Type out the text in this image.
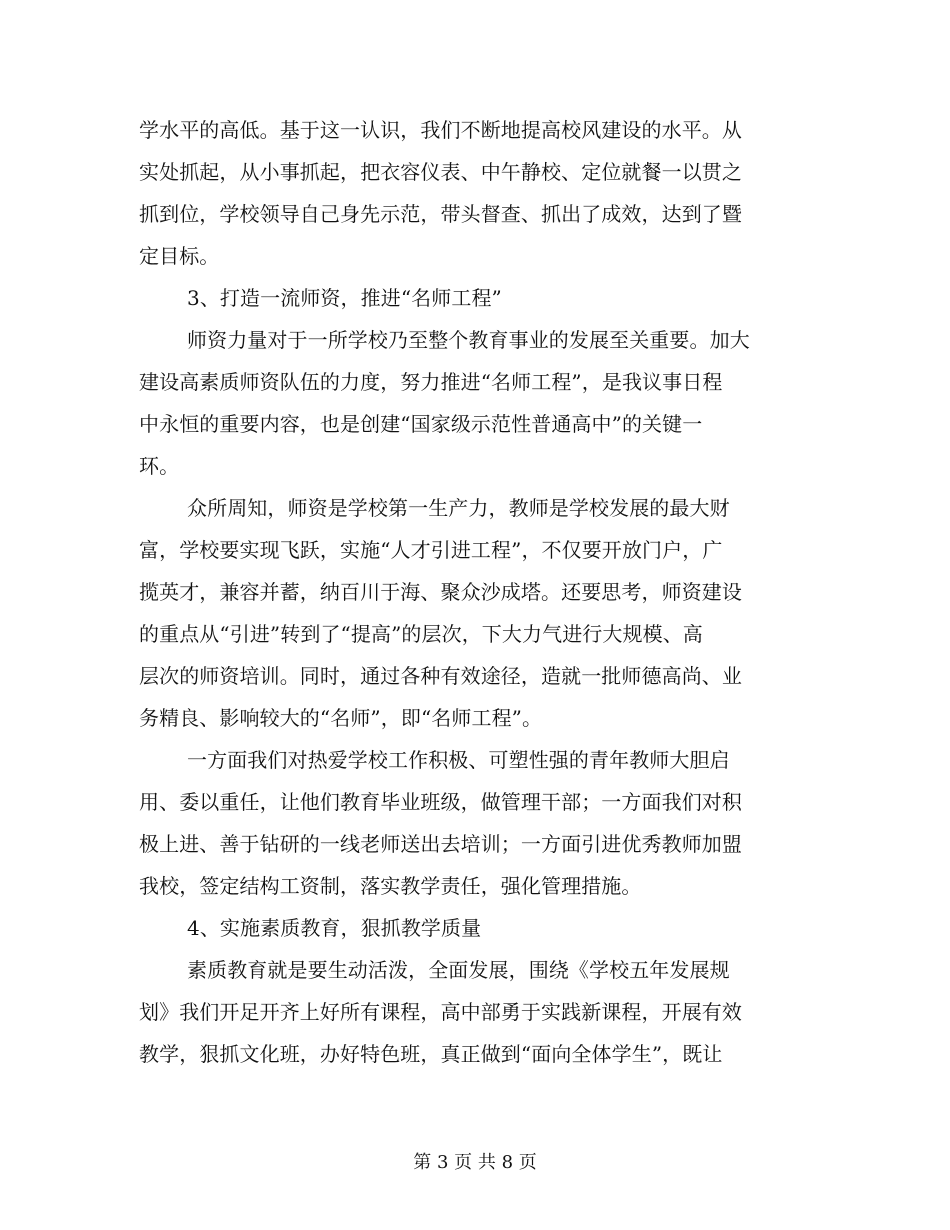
学水平的高低。基于这一认识，我们不断地提高校风建设的水平。从
实处抓起，从小事抓起，把衣容仪表、中午静校、定位就餐一以贯之
抓到位，学校领导自己身先示范，带头督查、抓出了成效，达到了暨
定目标。
3、打造一流师资，推进“名师工程”
师资力量对于一所学校乃至整个教育事业的发展至关重要。加大
建设高素质师资队伍的力度，努力推进“名师工程”，是我议事日程
中永恒的重要内容，也是创建“国家级示范性普通高中”的关键一
环。
众所周知，师资是学校第一生产力，教师是学校发展的最大财
富，学校要实现飞跃，实施“人才引进工程”，不仅要开放门户，广
揽英才，兼容并蓄，纳百川于海、聚众沙成塔。还要思考，师资建设
的重点从“引进”转到了“提高”的层次，下大力气进行大规模、高
层次的师资培训。同时，通过各种有效途径，造就一批师德高尚、业
务精良、影响较大的“名师”，即“名师工程”。
一方面我们对热爱学校工作积极、可塑性强的青年教师大胆启
用、委以重任，让他们教育毕业班级，做管理干部；一方面我们对积
极上进、善于钻研的一线老师送出去培训；一方面引进优秀教师加盟
我校，签定结构工资制，落实教学责任，强化管理措施。
4、实施素质教育，狠抓教学质量
素质教育就是要生动活泼，全面发展，围绕《学校五年发展规
划》我们开足开齐上好所有课程，高中部勇于实践新课程，开展有效
教学，狠抓文化班，办好特色班，真正做到“面向全体学生”，既让
第 3 页 共 8 页
